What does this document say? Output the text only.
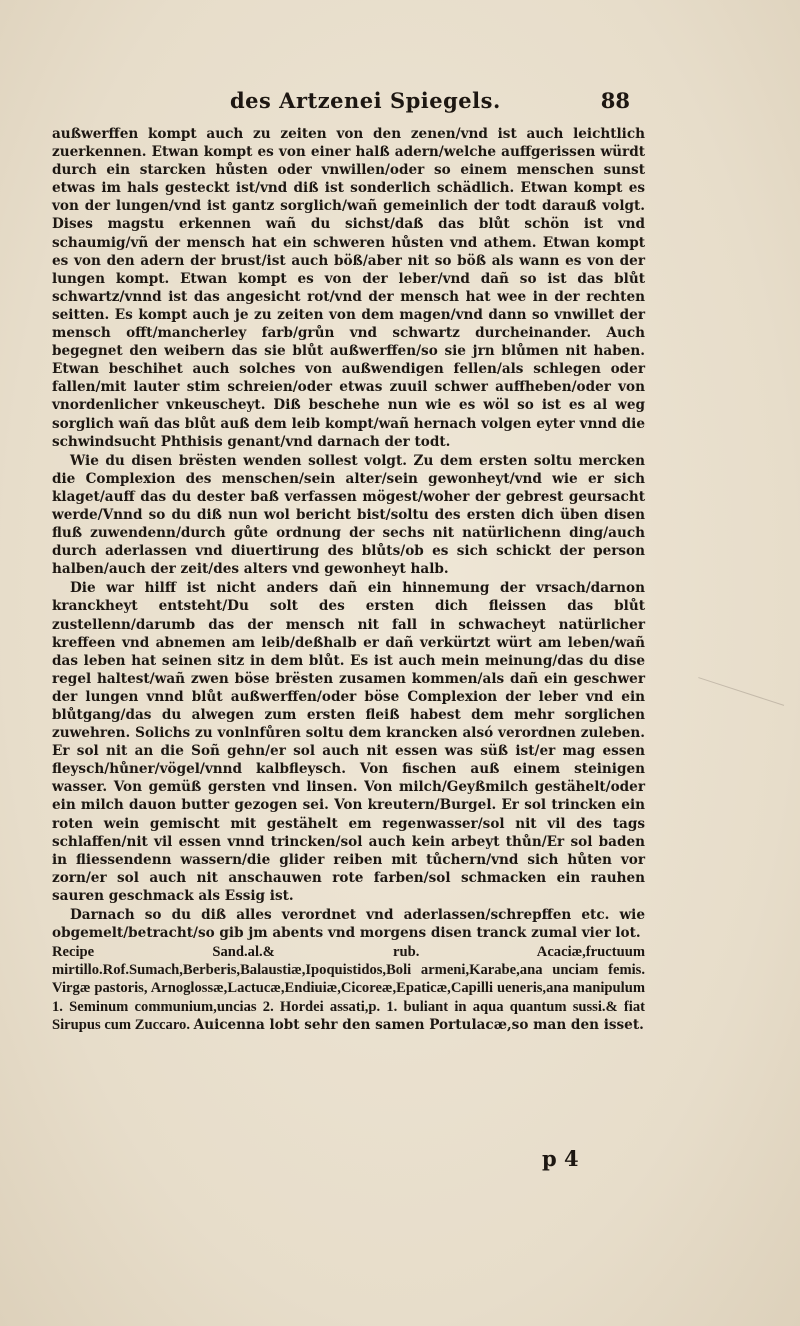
des Artzenei Spiegels.	88

außwerffen kompt auch zu zeiten von den zenen/vnd ist auch leichtlich zuerkennen. Etwan kompt es von einer halß adern/welche auffgerissen würdt durch ein starcken hůsten oder vnwillen/oder so einem menschen sunst etwas im hals gesteckt ist/vnd diß ist sonderlich schädlich. Etwan kompt es von der lungen/vnd ist gantz sorglich/wañ gemeinlich der todt darauß volgt. Dises magstu erkennen wañ du sichst/daß das blůt schön ist vnd schaumig/vñ der mensch hat ein schweren hůsten vnd athem. Etwan kompt es von den adern der brust/ist auch böß/aber nit so böß als wann es von der lungen kompt. Etwan kompt es von der leber/vnd dañ so ist das blůt schwartz/vnnd ist das angesicht rot/vnd der mensch hat wee in der rechten seitten. Es kompt auch je zu zeiten von dem magen/vnd dann so vnwillet der mensch offt/mancherley farb/grůn vnd schwartz durcheinander. Auch begegnet den weibern das sie blůt außwerffen/so sie jrn blůmen nit haben. Etwan beschihet auch solches von außwendigen fellen/als schlegen oder fallen/mit lauter stim schreien/oder etwas zuuil schwer auffheben/oder von vnordenlicher vnkeuscheyt. Diß beschehe nun wie es wöl so ist es al weg sorglich wañ das blůt auß dem leib kompt/wañ hernach volgen eyter vnnd die schwindsucht Phthisis genant/vnd darnach der todt.

Wie du disen brësten wenden sollest volgt. Zu dem ersten soltu mercken die Complexion des menschen/sein alter/sein gewonheyt/vnd wie er sich klaget/auff das du dester baß verfassen mögest/woher der gebrest geursacht werde/Vnnd so du diß nun wol bericht bist/soltu des ersten dich üben disen fluß zuwendenn/durch gůte ordnung der sechs nit natürlichenn ding/auch durch aderlassen vnd diuertirung des blůts/ob es sich schickt der person halben/auch der zeit/des alters vnd gewonheyt halb.

Die war hilff ist nicht anders dañ ein hinnemung der vrsach/darnon kranckheyt entsteht/Du solt des ersten dich fleissen das blůt zustellenn/darumb das der mensch nit fall in schwacheyt natürlicher kreffeen vnd abnemen am leib/deßhalb er dañ verkürtzt würt am leben/wañ das leben hat seinen sitz in dem blůt. Es ist auch mein meinung/das du dise regel haltest/wañ zwen böse brësten zusamen kommen/als dañ ein geschwer der lungen vnnd blůt außwerffen/oder böse Complexion der leber vnd ein blůtgang/das du alwegen zum ersten fleiß habest dem mehr sorglichen zuwehren. Solichs zu vonlnfůren soltu dem krancken alsó verordnen zuleben. Er sol nit an die Soñ gehn/er sol auch nit essen was süß ist/er mag essen fleysch/hůner/vögel/vnnd kalbfleysch. Von fischen auß einem steinigen wasser. Von gemüß gersten vnd linsen. Von milch/Geyßmilch gestähelt/oder ein milch dauon butter gezogen sei. Von kreutern/Burgel. Er sol trincken ein roten wein gemischt mit gestähelt em regenwasser/sol nit vil des tags schlaffen/nit vil essen vnnd trincken/sol auch kein arbeyt thůn/Er sol baden in fliessendenn wassern/die glider reiben mit tůchern/vnd sich hůten vor zorn/er sol auch nit anschauwen rote farben/sol schmacken ein rauhen sauren geschmack als Essig ist.

Darnach so du diß alles verordnet vnd aderlassen/schrepffen etc. wie obgemelt/betracht/so gib jm abents vnd morgens disen tranck zumal vier lot.

Recipe Sand.al.& rub. Acaciæ,fructuum mirtillo.Rof.Sumach,Berberis,Balaustiæ,Ipoquistidos,Boli armeni,Karabe,ana unciam femis. Virgæ pastoris, Arnoglossæ,Lactucæ,Endiuiæ,Cicoreæ,Epaticæ,Capilli ueneris,ana manipulum 1. Seminum communium,uncias 2. Hordei assati,p. 1. buliant in aqua quantum sussi.& fiat Sirupus cum Zuccaro. Auicenna lobt sehr den samen Portulacæ,so man den isset.

p 4
